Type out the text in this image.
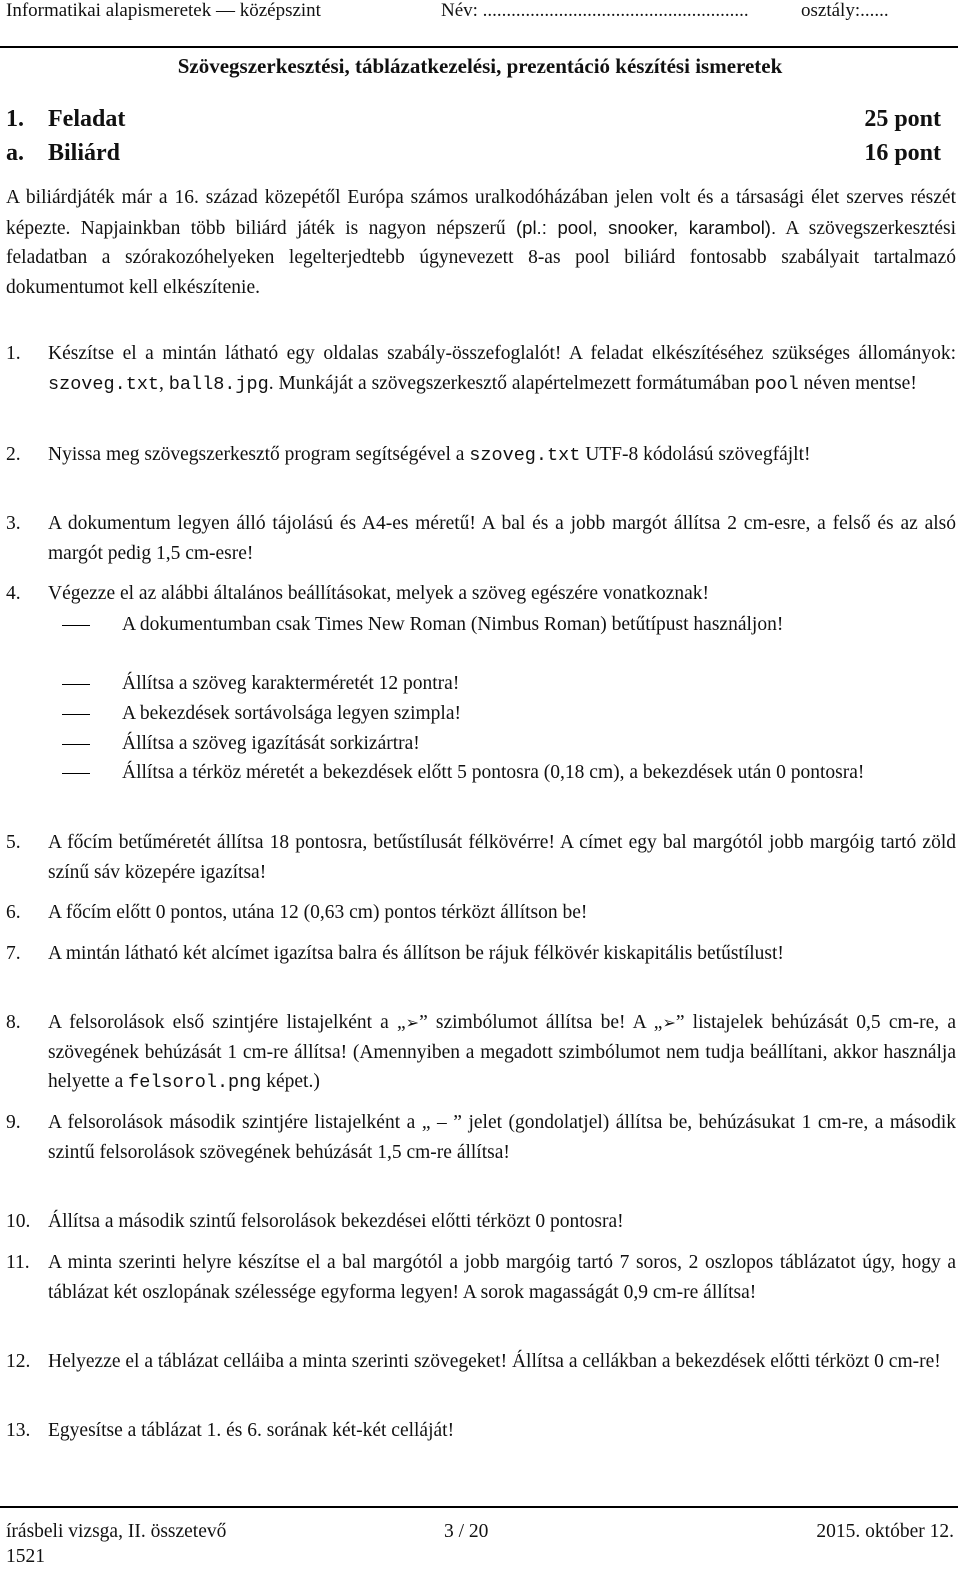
Informatikai alapismeretek — középszint	Név: ........................................................	osztály:......
Szövegszerkesztési, táblázatkezelési, prezentáció készítési ismeretek
1. Feladat	25 pont
a. Biliárd	16 pont
A biliárdjáték már a 16. század közepétől Európa számos uralkodóházában jelen volt és a társasági élet szerves részét képezte. Napjainkban több biliárd játék is nagyon népszerű (pl.: pool, snooker, karambol). A szövegszerkesztési feladatban a szórakozóhelyeken legelterjedtebb úgynevezett 8-as pool biliárd fontosabb szabályait tartalmazó dokumentumot kell elkészítenie.
1.	Készítse el a mintán látható egy oldalas szabály-összefoglalót! A feladat elkészítéséhez szükséges állományok: szoveg.txt, ball8.jpg. Munkáját a szövegszerkesztő alapértelmezett formátumában pool néven mentse!
2.	Nyissa meg szövegszerkesztő program segítségével a szoveg.txt UTF-8 kódolású szövegfájlt!
3.	A dokumentum legyen álló tájolású és A4-es méretű! A bal és a jobb margót állítsa 2 cm-esre, a felső és az alsó margót pedig 1,5 cm-esre!
4.	Végezze el az alábbi általános beállításokat, melyek a szöveg egészére vonatkoznak!
A dokumentumban csak Times New Roman (Nimbus Roman) betűtípust használjon!
Állítsa a szöveg karakterméretét 12 pontra!
A bekezdések sortávolsága legyen szimpla!
Állítsa a szöveg igazítását sorkizártra!
Állítsa a térköz méretét a bekezdések előtt 5 pontosra (0,18 cm), a bekezdések után 0 pontosra!
5.	A főcím betűméretét állítsa 18 pontosra, betűstílusát félkövérre! A címet egy bal margótól jobb margóig tartó zöld színű sáv közepére igazítsa!
6.	A főcím előtt 0 pontos, utána 12 (0,63 cm) pontos térközt állítson be!
7.	A mintán látható két alcímet igazítsa balra és állítson be rájuk félkövér kiskapitális betűstílust!
8.	A felsorolások első szintjére listajelként a „➢” szimbólumot állítsa be! A „➢” listajelek behúzását 0,5 cm-re, a szövegének behúzását 1 cm-re állítsa! (Amennyiben a megadott szimbólumot nem tudja beállítani, akkor használja helyette a felsorol.png képet.)
9.	A felsorolások második szintjére listajelként a „ – ” jelet (gondolatjel) állítsa be, behúzásukat 1 cm-re, a második szintű felsorolások szövegének behúzását 1,5 cm-re állítsa!
10. Állítsa a második szintű felsorolások bekezdései előtti térközt 0 pontosra!
11. A minta szerinti helyre készítse el a bal margótól a jobb margóig tartó 7 soros, 2 oszlopos táblázatot úgy, hogy a táblázat két oszlopának szélessége egyforma legyen! A sorok magasságát 0,9 cm-re állítsa!
12. Helyezze el a táblázat celláiba a minta szerinti szövegeket! Állítsa a cellákban a bekezdések előtti térközt 0 cm-re!
13. Egyesítse a táblázat 1. és 6. sorának két-két celláját!
írásbeli vizsga, II. összetevő
1521
3 / 20	2015. október 12.
